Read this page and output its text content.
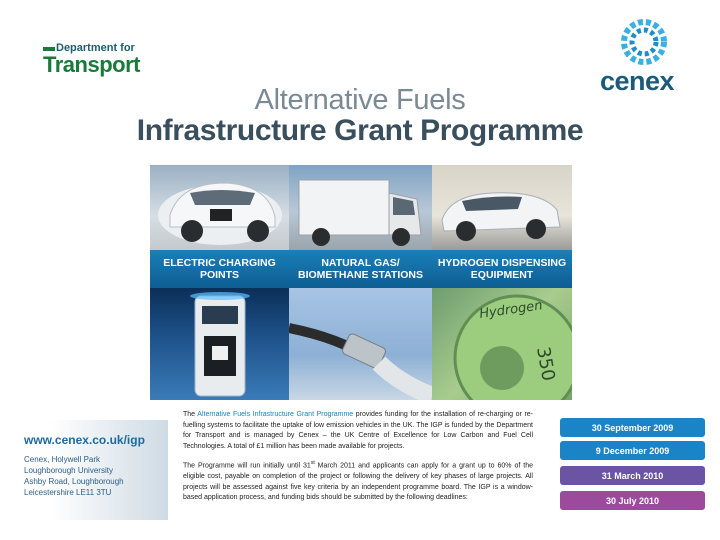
Department for
Transport
cenex
Alternative Fuels
Infrastructure Grant Programme
ELECTRIC CHARGING POINTS
NATURAL GAS/ BIOMETHANE STATIONS
HYDROGEN DISPENSING EQUIPMENT
Hydrogen
350
www.cenex.co.uk/igp
Cenex, Holywell Park
Loughborough University
Ashby Road, Loughborough
Leicestershire LE11 3TU

The Alternative Fuels Infrastructure Grant Programme provides funding for the installation of re-charging or re-fuelling systems to facilitate the uptake of low emission vehicles in the UK. The IGP is funded by the Department for Transport and is managed by Cenex – the UK Centre of Excellence for Low Carbon and Fuel Cell Technologies. A total of £1 million has been made available for projects.

The Programme will run initially until 31st March 2011 and applicants can apply for a grant up to 60% of the eligible cost, payable on completion of the project or following the delivery of key phases of large projects. All projects will be assessed against five key criteria by an independent programme board. The IGP is a window-based application process, and funding bids should be submitted by the following deadlines:

30 September 2009
9 December 2009
31 March 2010
30 July 2010
